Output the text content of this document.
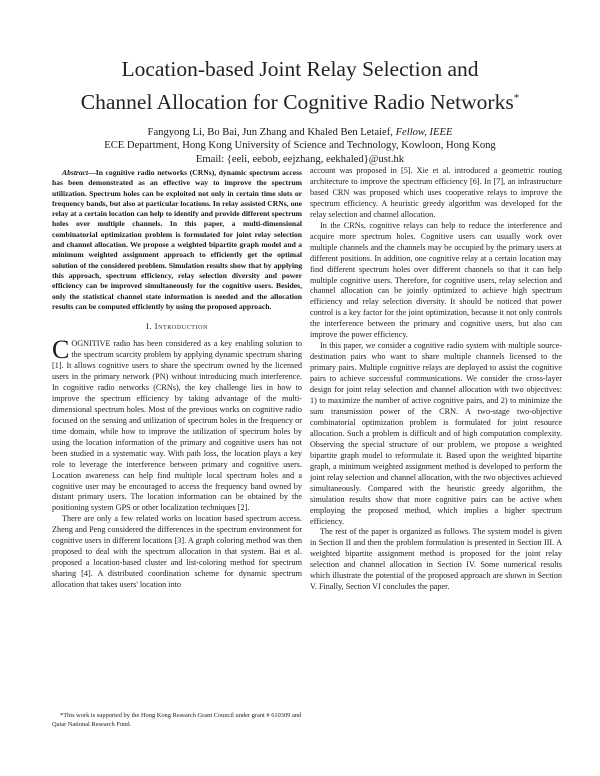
Location-based Joint Relay Selection and
Channel Allocation for Cognitive Radio Networks*
Fangyong Li, Bo Bai, Jun Zhang and Khaled Ben Letaief, Fellow, IEEE
ECE Department, Hong Kong University of Science and Technology, Kowloon, Hong Kong
Email: {eeli, eebob, eejzhang, eekhaled}@ust.hk

Abstract—In cognitive radio networks (CRNs), dynamic spectrum access has been demonstrated as an effective way to improve the spectrum utilization. Spectrum holes can be exploited not only in certain time slots or frequency bands, but also at particular locations. In relay assisted CRNs, one relay at a certain location can help to identify and provide different spectrum holes over multiple channels. In this paper, a multi-dimensional combinatorial optimization problem is formulated for joint relay selection and channel allocation. We propose a weighted bipartite graph model and a minimum weighted assignment approach to efficiently get the optimal solution of the considered problem. Simulation results show that by applying this approach, spectrum efficiency, relay selection diversity and power efficiency can be improved simultaneously for the cognitive users. Besides, only the statistical channel state information is needed and the allocation results can be computed efficiently by using the proposed approach.

I. Introduction

COGNITIVE radio has been considered as a key enabling solution to the spectrum scarcity problem by applying dynamic spectrum sharing [1]. It allows cognitive users to share the spectrum owned by the licensed users in the primary network (PN) without introducing much interference. In cognitive radio networks (CRNs), the key challenge lies in how to improve the spectrum efficiency by taking advantage of the multi-dimensional spectrum holes. Most of the previous works on cognitive radio focused on the sensing and utilization of spectrum holes in the frequency or time domain, while how to improve the utilization of spectrum holes by using the location information of the primary and cognitive users has not been studied in a systematic way. With path loss, the location plays a key role to leverage the interference between primary and cognitive users. Location awareness can help find multiple local spectrum holes and a cognitive user may be encouraged to access the frequency band owned by distant primary users. The location information can be obtained by the positioning system GPS or other localization techniques [2].

There are only a few related works on location based spectrum access. Zheng and Peng considered the differences in the spectrum environment for cognitive users in different locations [3]. A graph coloring method was then proposed to deal with the spectrum allocation in that system. Bai et al. proposed a location-based cluster and list-coloring method for spectrum sharing [4]. A distributed coordination scheme for dynamic spectrum allocation that takes users' location into

account was proposed in [5]. Xie et al. introduced a geometric routing architecture to improve the spectrum efficiency [6]. In [7], an infrastructure based CRN was proposed which uses cooperative relays to improve the spectrum efficiency. A heuristic greedy algorithm was developed for the relay selection and channel allocation.

In the CRNs, cognitive relays can help to reduce the interference and acquire more spectrum holes. Cognitive users can usually work over multiple channels and the channels may be occupied by the primary users at different positions. In addition, one cognitive relay at a certain location may find different spectrum holes over different channels so that it can help multiple cognitive users. Therefore, for cognitive users, relay selection and channel allocation can be jointly optimized to achieve high spectrum efficiency and relay selection diversity. It should be noticed that power control is a key factor for the joint optimization, because it not only controls the interference between the primary and cognitive users, but also can improve the power efficiency.

In this paper, we consider a cognitive radio system with multiple source-destination pairs who want to share multiple channels licensed to the primary pairs. Multiple cognitive relays are deployed to assist the cognitive pairs to achieve successful communications. We consider the cross-layer design for joint relay selection and channel allocation with two objectives: 1) to maximize the number of active cognitive pairs, and 2) to minimize the sum transmission power of the CRN. A two-stage two-objective combinatorial optimization problem is formulated for joint resource allocation. Such a problem is difficult and of high computation complexity. Observing the special structure of our problem, we propose a weighted bipartite graph model to reformulate it. Based upon the weighted bipartite graph, a minimum weighted assignment method is developed to perform the joint relay selection and channel allocation, with the two objectives achieved simultaneously. Compared with the heuristic greedy algorithm, the simulation results show that more cognitive pairs can be active when employing the proposed method, which implies a higher spectrum efficiency.

The rest of the paper is organized as follows. The system model is given in Section II and then the problem formulation is presented in Section III. A weighted bipartite assignment method is proposed for the joint relay selection and channel allocation in Section IV. Some numerical results which illustrate the potential of the proposed approach are shown in Section V. Finally, Section VI concludes the paper.

*This work is supported by the Hong Kong Research Grant Council under grant # 610309 and Qatar National Research Fund.
